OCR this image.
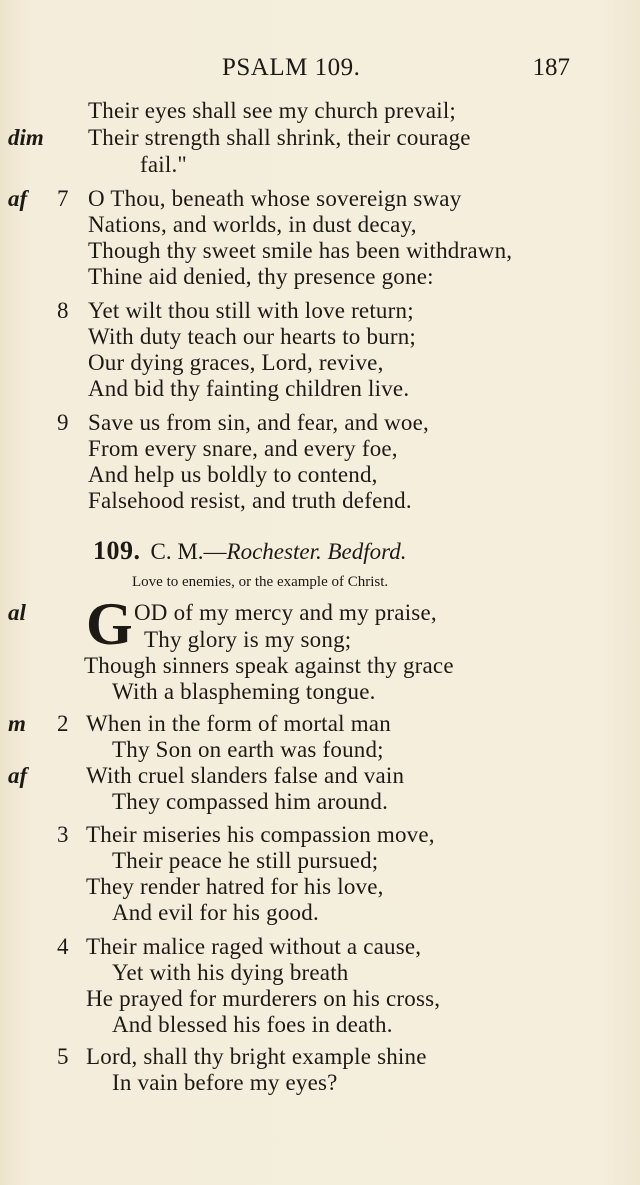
PSALM 109.	187
Their eyes shall see my church prevail;
dim Their strength shall shrink, their courage
fail."
af 7 O Thou, beneath whose sovereign sway
Nations, and worlds, in dust decay,
Though thy sweet smile has been withdrawn,
Thine aid denied, thy presence gone:
8 Yet wilt thou still with love return;
With duty teach our hearts to burn;
Our dying graces, Lord, revive,
And bid thy fainting children live.
9 Save us from sin, and fear, and woe,
From every snare, and every foe,
And help us boldly to contend,
Falsehood resist, and truth defend.
109. C. M.—Rochester. Bedford.
Love to enemies, or the example of Christ.
al G OD of my mercy and my praise,
Thy glory is my song;
Though sinners speak against thy grace
With a blaspheming tongue.
m 2 When in the form of mortal man
Thy Son on earth was found;
af	With cruel slanders false and vain
They compassed him around.
3 Their miseries his compassion move,
Their peace he still pursued;
They render hatred for his love,
And evil for his good.
4 Their malice raged without a cause,
Yet with his dying breath
He prayed for murderers on his cross,
And blessed his foes in death.
5 Lord, shall thy bright example shine
In vain before my eyes?
